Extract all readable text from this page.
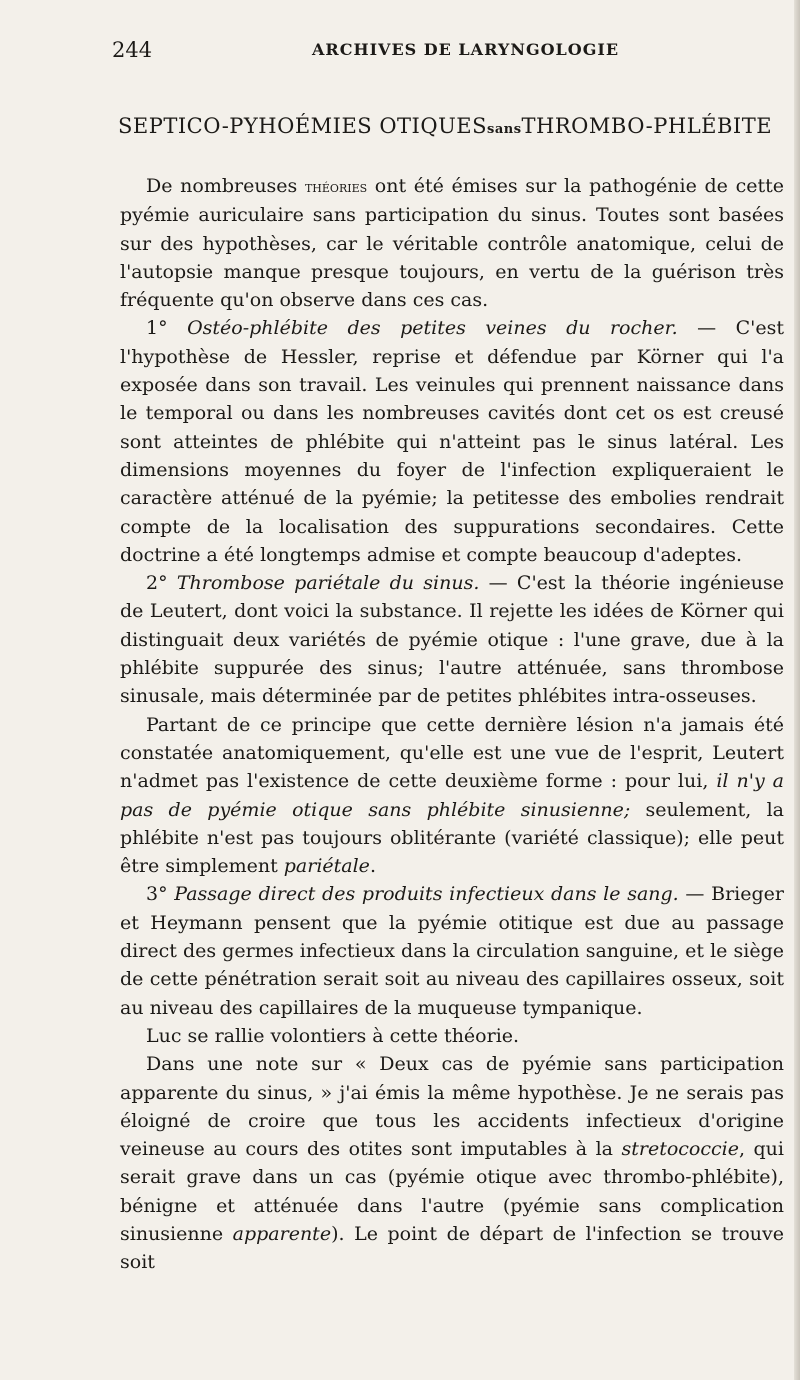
244	ARCHIVES DE LARYNGOLOGIE
SEPTICO-PYHOÉMIES OTIQUESsansTHROMBO-PHLÉBITE

De nombreuses théories ont été émises sur la pathogénie de cette pyémie auriculaire sans participation du sinus. Toutes sont basées sur des hypothèses, car le véritable contrôle anatomique, celui de l'autopsie manque presque toujours, en vertu de la guérison très fréquente qu'on observe dans ces cas.

1° Ostéo-phlébite des petites veines du rocher. — C'est l'hypothèse de Hessler, reprise et défendue par Körner qui l'a exposée dans son travail. Les veinules qui prennent naissance dans le temporal ou dans les nombreuses cavités dont cet os est creusé sont atteintes de phlébite qui n'atteint pas le sinus latéral. Les dimensions moyennes du foyer de l'infection expliqueraient le caractère atténué de la pyémie; la petitesse des embolies rendrait compte de la localisation des suppurations secondaires. Cette doctrine a été longtemps admise et compte beaucoup d'adeptes.

2° Thrombose pariétale du sinus. — C'est la théorie ingénieuse de Leutert, dont voici la substance. Il rejette les idées de Körner qui distinguait deux variétés de pyémie otique : l'une grave, due à la phlébite suppurée des sinus; l'autre atténuée, sans thrombose sinusale, mais déterminée par de petites phlébites intra-osseuses.

Partant de ce principe que cette dernière lésion n'a jamais été constatée anatomiquement, qu'elle est une vue de l'esprit, Leutert n'admet pas l'existence de cette deuxième forme : pour lui, il n'y a pas de pyémie otique sans phlébite sinusienne; seulement, la phlébite n'est pas toujours oblitérante (variété classique); elle peut être simplement pariétale.

3° Passage direct des produits infectieux dans le sang. — Brieger et Heymann pensent que la pyémie otitique est due au passage direct des germes infectieux dans la circulation sanguine, et le siège de cette pénétration serait soit au niveau des capillaires osseux, soit au niveau des capillaires de la muqueuse tympanique.

Luc se rallie volontiers à cette théorie.

Dans une note sur « Deux cas de pyémie sans participation apparente du sinus, » j'ai émis la même hypothèse. Je ne serais pas éloigné de croire que tous les accidents infectieux d'origine veineuse au cours des otites sont imputables à la stretococcie, qui serait grave dans un cas (pyémie otique avec thrombo-phlébite), bénigne et atténuée dans l'autre (pyémie sans complication sinusienne apparente). Le point de départ de l'infection se trouve soit
